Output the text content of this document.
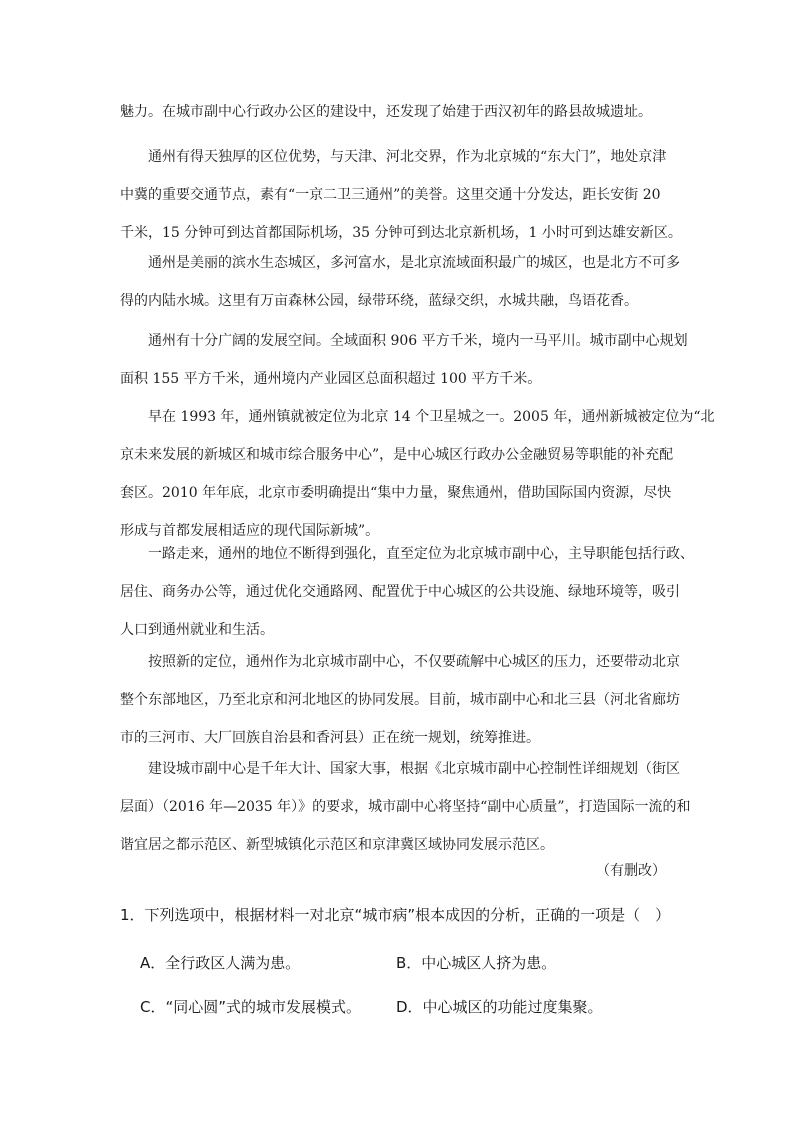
魅力。在城市副中心行政办公区的建设中，还发现了始建于西汉初年的路县故城遗址。
通州有得天独厚的区位优势，与天津、河北交界，作为北京城的“东大门”，地处京津
中冀的重要交通节点，素有“一京二卫三通州”的美誉。这里交通十分发达，距长安街 20
千米，15 分钟可到达首都国际机场，35 分钟可到达北京新机场，1 小时可到达雄安新区。
通州是美丽的滨水生态城区，多河富水，是北京流域面积最广的城区，也是北方不可多
得的内陆水城。这里有万亩森林公园，绿带环绕，蓝绿交织，水城共融，鸟语花香。
通州有十分广阔的发展空间。全域面积 906 平方千米，境内一马平川。城市副中心规划
面积 155 平方千米，通州境内产业园区总面积超过 100 平方千米。
早在 1993 年，通州镇就被定位为北京 14 个卫星城之一。2005 年，通州新城被定位为“北
京未来发展的新城区和城市综合服务中心”，是中心城区行政办公金融贸易等职能的补充配
套区。2010 年年底，北京市委明确提出“集中力量，聚焦通州，借助国际国内资源，尽快
形成与首都发展相适应的现代国际新城”。
一路走来，通州的地位不断得到强化，直至定位为北京城市副中心，主导职能包括行政、
居住、商务办公等，通过优化交通路网、配置优于中心城区的公共设施、绿地环境等，吸引
人口到通州就业和生活。
按照新的定位，通州作为北京城市副中心，不仅要疏解中心城区的压力，还要带动北京
整个东部地区，乃至北京和河北地区的协同发展。目前，城市副中心和北三县（河北省廊坊
市的三河市、大厂回族自治县和香河县）正在统一规划，统筹推进。
建设城市副中心是千年大计、国家大事，根据《北京城市副中心控制性详细规划（街区
层面）（2016 年—2035 年）》的要求，城市副中心将坚持“副中心质量”，打造国际一流的和
谐宜居之都示范区、新型城镇化示范区和京津冀区域协同发展示范区。
（有删改）
1．下列选项中，根据材料一对北京“城市病”根本成因的分析，正确的一项是（　）
A．全行政区人满为患。	B．中心城区人挤为患。
C．“同心圆”式的城市发展模式。 D．中心城区的功能过度集聚。
